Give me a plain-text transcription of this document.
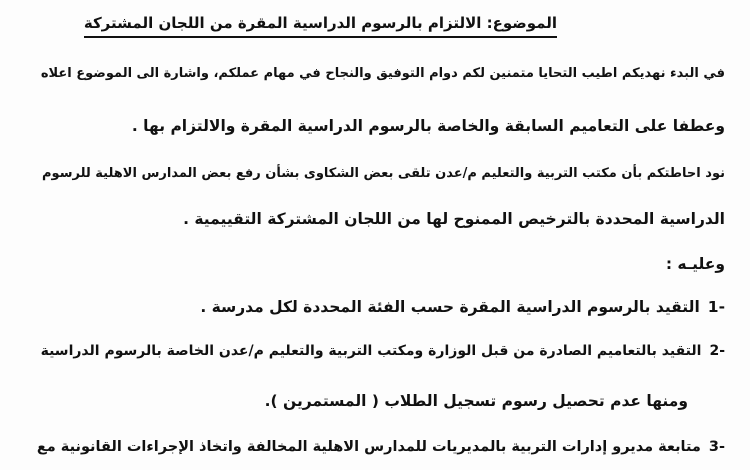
الموضوع: الالتزام بالرسوم الدراسية المقرة من اللجان المشتركة
في البدء نهديكم اطيب التحايا متمنين لكم دوام التوفيق والنجاح في مهام عملكم، واشارة الى الموضوع اعلاه
وعطفا على التعاميم السابقة والخاصة بالرسوم الدراسية المقرة والالتزام بها .
نود احاطتكم بأن مكتب التربية والتعليم م/عدن تلقى بعض الشكاوى بشأن رفع بعض المدارس الاهلية للرسوم
الدراسية المحددة بالترخيص الممنوح لها من اللجان المشتركة التقييمية .
وعليـه :
-1التقيد بالرسوم الدراسية المقرة حسب الفئة المحددة لكل مدرسة .
-2التقيد بالتعاميم الصادرة من قبل الوزارة ومكتب التربية والتعليم م/عدن الخاصة بالرسوم الدراسية
ومنها عدم تحصيل رسوم تسجيل الطلاب ( المستمرين ).
-3متابعة مديرو إدارات التربية بالمديريات للمدارس الاهلية المخالفة واتخاذ الإجراءات القانونية مع
